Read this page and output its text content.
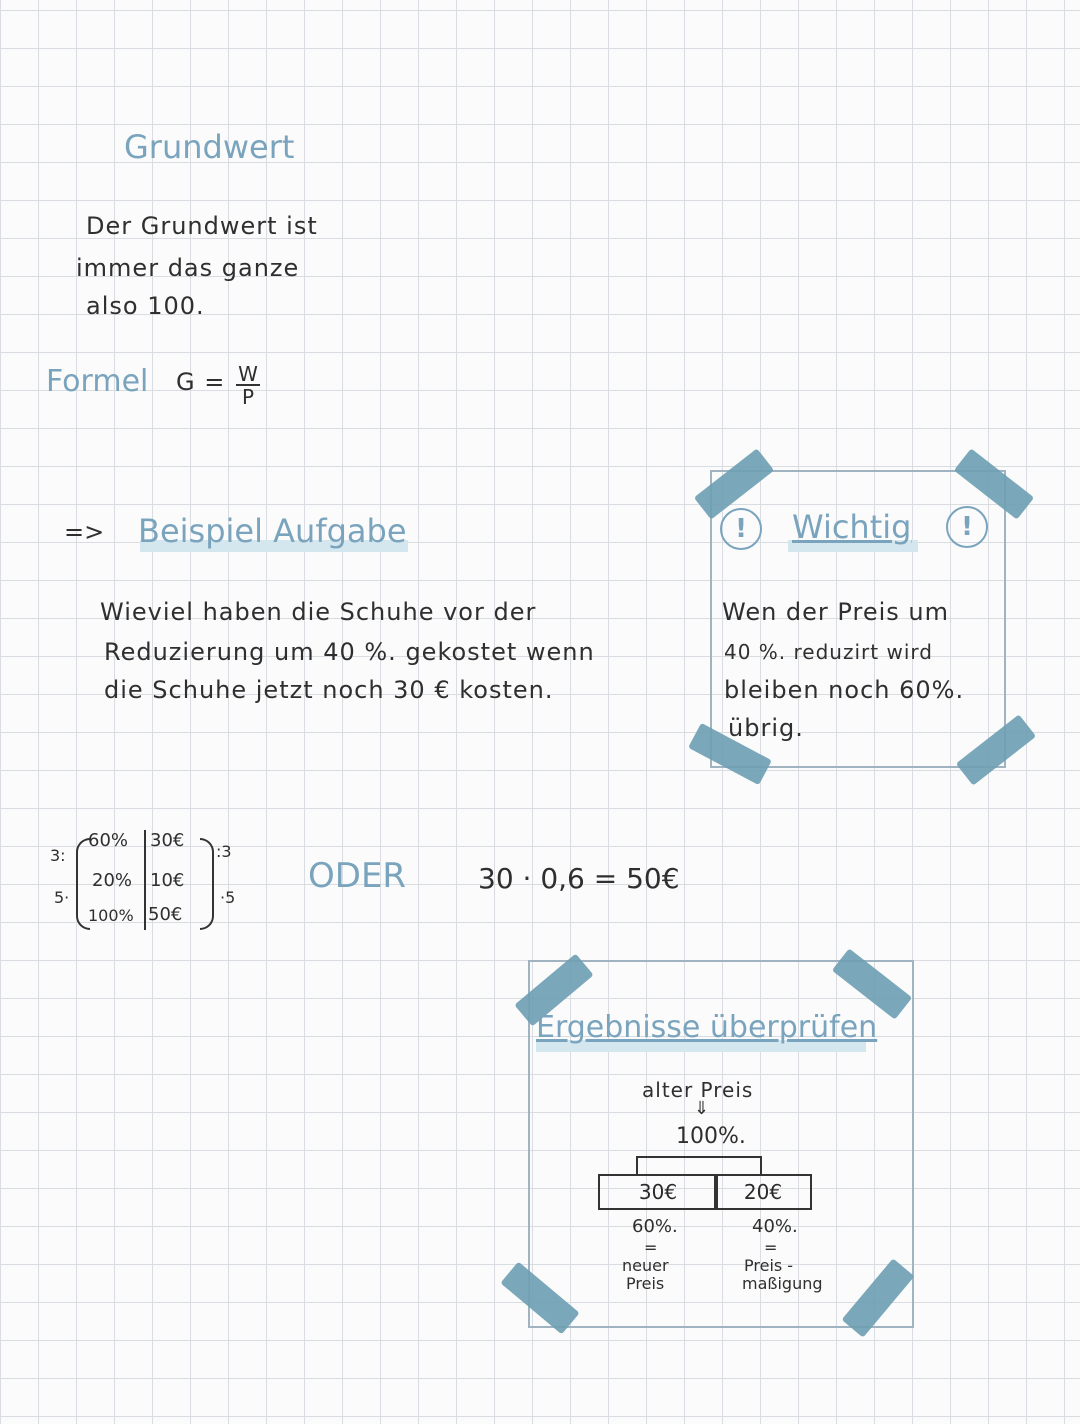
Grundwert
Der Grundwert ist
immer das ganze
also 100.
Formel $G = \frac{W}{P}$
=> Beispiel Aufgabe
Wieviel haben die Schuhe vor der
Reduzierung um 40 %. gekostet wenn
die Schuhe jetzt noch 30 € kosten.
!	!
Wichtig
Wen der Preis um
40 %. reduzirt wird
bleiben noch 60%.
übrig.
3:
5·
60% 30€
20% 10€
100% 50€
:3
·5
ODER	30 · 0,6 = 50€
Ergebnisse überprüfen
alter Preis
⇓
100%.
30€	20€
60%.
=
neuer
Preis
40%.
=
Preis -
maßigung
